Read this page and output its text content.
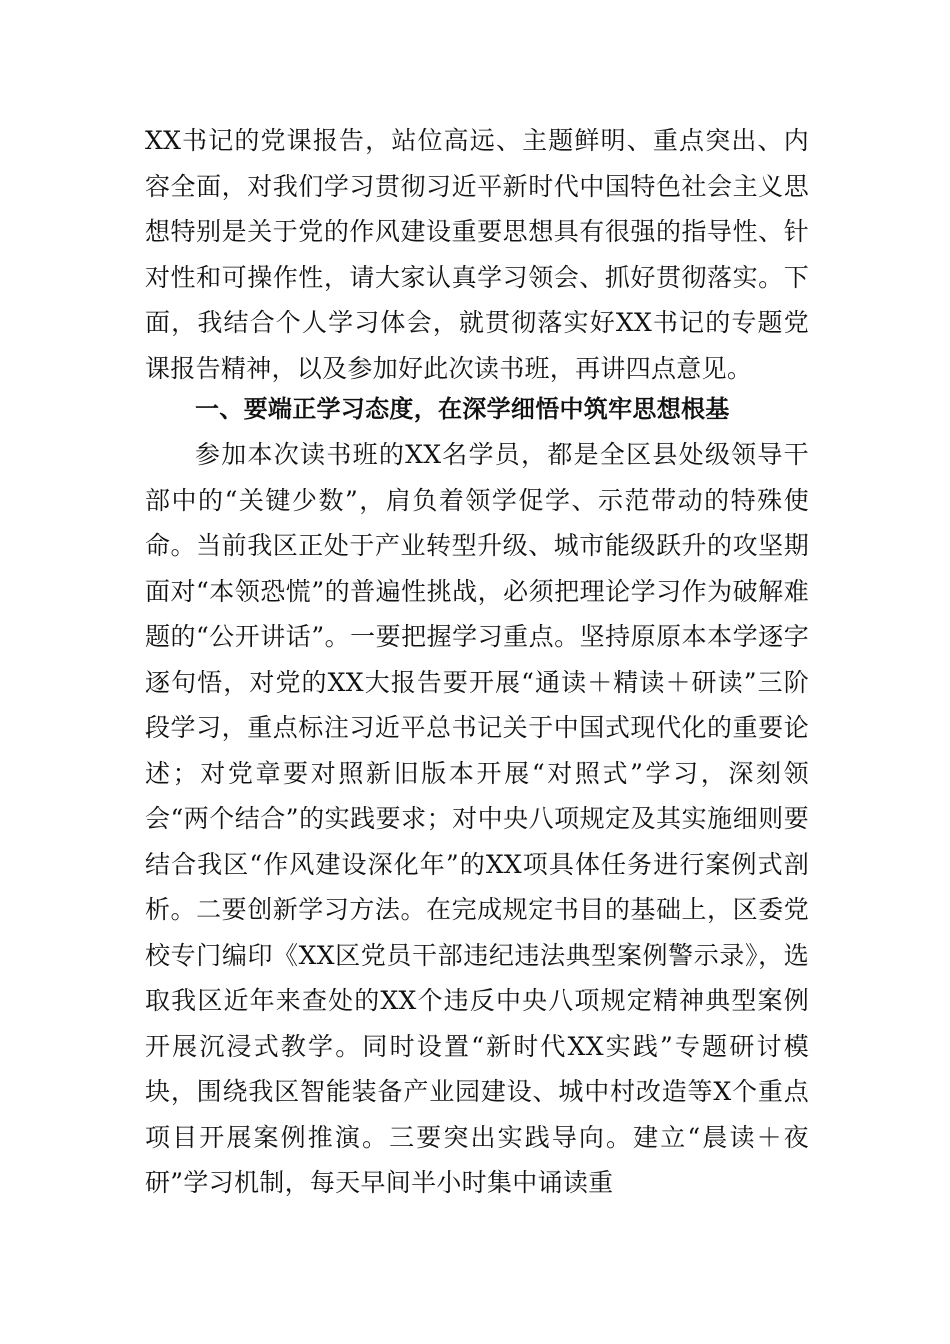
XX书记的党课报告，站位高远、主题鲜明、重点突出、内容全面，对我们学习贯彻习近平新时代中国特色社会主义思想特别是关于党的作风建设重要思想具有很强的指导性、针对性和可操作性，请大家认真学习领会、抓好贯彻落实。下面，我结合个人学习体会，就贯彻落实好XX书记的专题党课报告精神，以及参加好此次读书班，再讲四点意见。

一、要端正学习态度，在深学细悟中筑牢思想根基

参加本次读书班的XX名学员，都是全区县处级领导干部中的“关键少数”，肩负着领学促学、示范带动的特殊使命。当前我区正处于产业转型升级、城市能级跃升的攻坚期面对“本领恐慌”的普遍性挑战，必须把理论学习作为破解难题的“公开讲话”。一要把握学习重点。坚持原原本本学逐字逐句悟，对党的XX大报告要开展“通读＋精读＋研读”三阶段学习，重点标注习近平总书记关于中国式现代化的重要论述；对党章要对照新旧版本开展“对照式”学习，深刻领会“两个结合”的实践要求；对中央八项规定及其实施细则要结合我区“作风建设深化年”的XX项具体任务进行案例式剖析。二要创新学习方法。在完成规定书目的基础上，区委党校专门编印《XX区党员干部违纪违法典型案例警示录》，选取我区近年来查处的XX个违反中央八项规定精神典型案例开展沉浸式教学。同时设置“新时代XX实践”专题研讨模块，围绕我区智能装备产业园建设、城中村改造等X个重点项目开展案例推演。三要突出实践导向。建立“晨读＋夜研”学习机制，每天早间半小时集中诵读重
